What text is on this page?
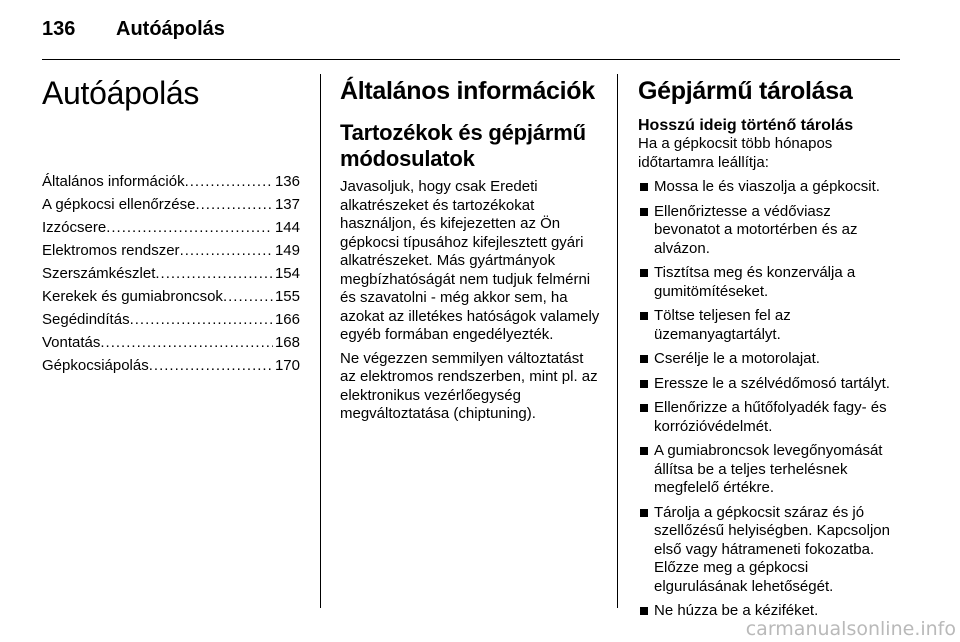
136 Autóápolás
Autóápolás
Általános információk .....	136
A gépkocsi ellenőrzése .....	137
Izzócsere .....	144
Elektromos rendszer .....	149
Szerszámkészlet .....	154
Kerekek és gumiabroncsok .....	155
Segédindítás .....	166
Vontatás .....	168
Gépkocsiápolás .....	170
Általános információk
Tartozékok és gépjármű módosulatok

Javasoljuk, hogy csak Eredeti alkatrészeket és tartozékokat használjon, és kifejezetten az Ön gépkocsi típusához kifejlesztett gyári alkatrészeket. Más gyártmányok megbízhatóságát nem tudjuk felmérni és szavatolni - még akkor sem, ha azokat az illetékes hatóságok valamely egyéb formában engedélyezték.

Ne végezzen semmilyen változtatást az elektromos rendszerben, mint pl. az elektronikus vezérlőegység megváltoztatása (chiptuning).

Gépjármű tárolása
Hosszú ideig történő tárolás

Ha a gépkocsit több hónapos időtartamra leállítja:

Mossa le és viaszolja a gépkocsit.
Ellenőriztesse a védőviasz bevonatot a motortérben és az alvázon.
Tisztítsa meg és konzerválja a gumitömítéseket.
Töltse teljesen fel az üzemanyagtartályt.
Cserélje le a motorolajat.
Eressze le a szélvédőmosó tartályt.
Ellenőrizze a hűtőfolyadék fagy- és korrózióvédelmét.
A gumiabroncsok levegőnyomását állítsa be a teljes terhelésnek megfelelő értékre.
Tárolja a gépkocsit száraz és jó szellőzésű helyiségben. Kapcsoljon első vagy hátrameneti fokozatba. Előzze meg a gépkocsi elgurulásának lehetőségét.
Ne húzza be a kéziféket.
carmanualsonline.info
